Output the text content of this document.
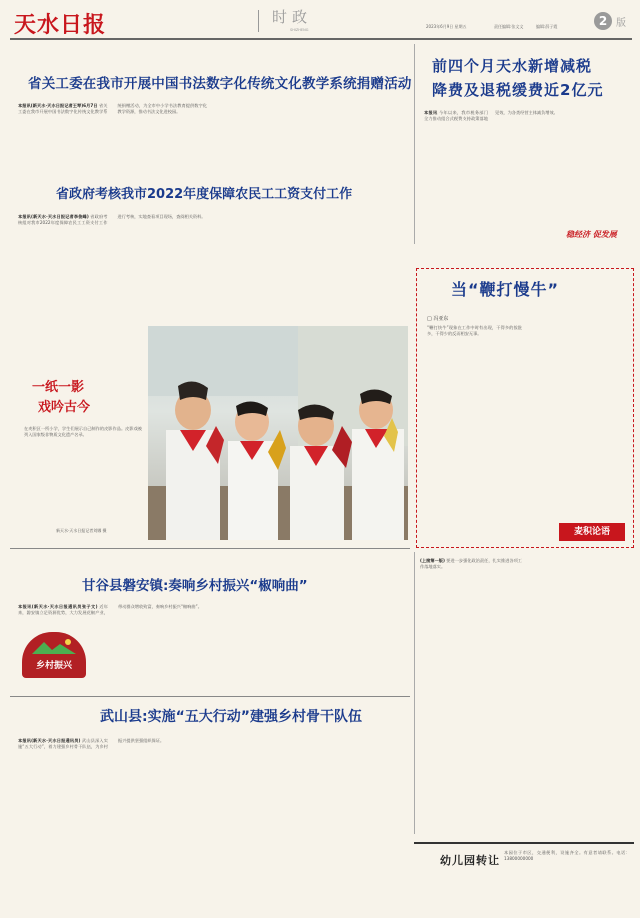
天水日报	时政
SHIZHENG
2023年6月9日 星期五	责任编辑:张文文	编辑:薛子霞	2 版
省关工委在我市开展中国书法数字化传统文化教学系统捐赠活动
本报讯(新天水·天水日报记者王琴)6月7日 省关工委在我市开展中国书法数字化传统文化教学系统捐赠活动，为全市中小学书法教育提供数字化教学资源，推动书法文化进校园。
省政府考核我市2022年度保障农民工工资支付工作
本报讯(新天水·天水日报记者李俊峰) 省政府考核组对我市2022年度保障农民工工资支付工作进行考核，实地查看项目现场，查阅相关资料。
前四个月天水新增减税
降费及退税缓费近2亿元
本报讯 今年以来，我市税务部门全力推动组合式税费支持政策落地见效，为各类经营主体减负增效。
稳经济 促发展
一纸一影
戏吟古今
在麦积区一所小学，学生们展示自己制作的皮影作品。皮影戏被列入国家级非物质文化遗产名录。
新天水·天水日报记者刘娜 摄
当“鞭打慢牛”
□ 冯亚东
“鞭打快牛”现象在工作中时有出现，干得多的挨批多，干得少的反而相安无事。
麦积论语
甘谷县磐安镇:奏响乡村振兴“椒响曲”
本报讯(新天水·天水日报通讯员张子文) 近年来，磐安镇立足资源优势，大力发展花椒产业，带动群众增收致富，奏响乡村振兴“椒响曲”。
乡村振兴
武山县:实施“五大行动”建强乡村骨干队伍
本报讯(新天水·天水日报通讯员) 武山县深入实施“五大行动”，着力建强乡村骨干队伍，为乡村振兴提供坚强组织保证。
(上接第一版) 要进一步强化政治责任，扎实推进各项工作落地落实。
幼儿园转让
本园位于市区，交通便利，设施齐全。有意者请联系。电话：13800000000
